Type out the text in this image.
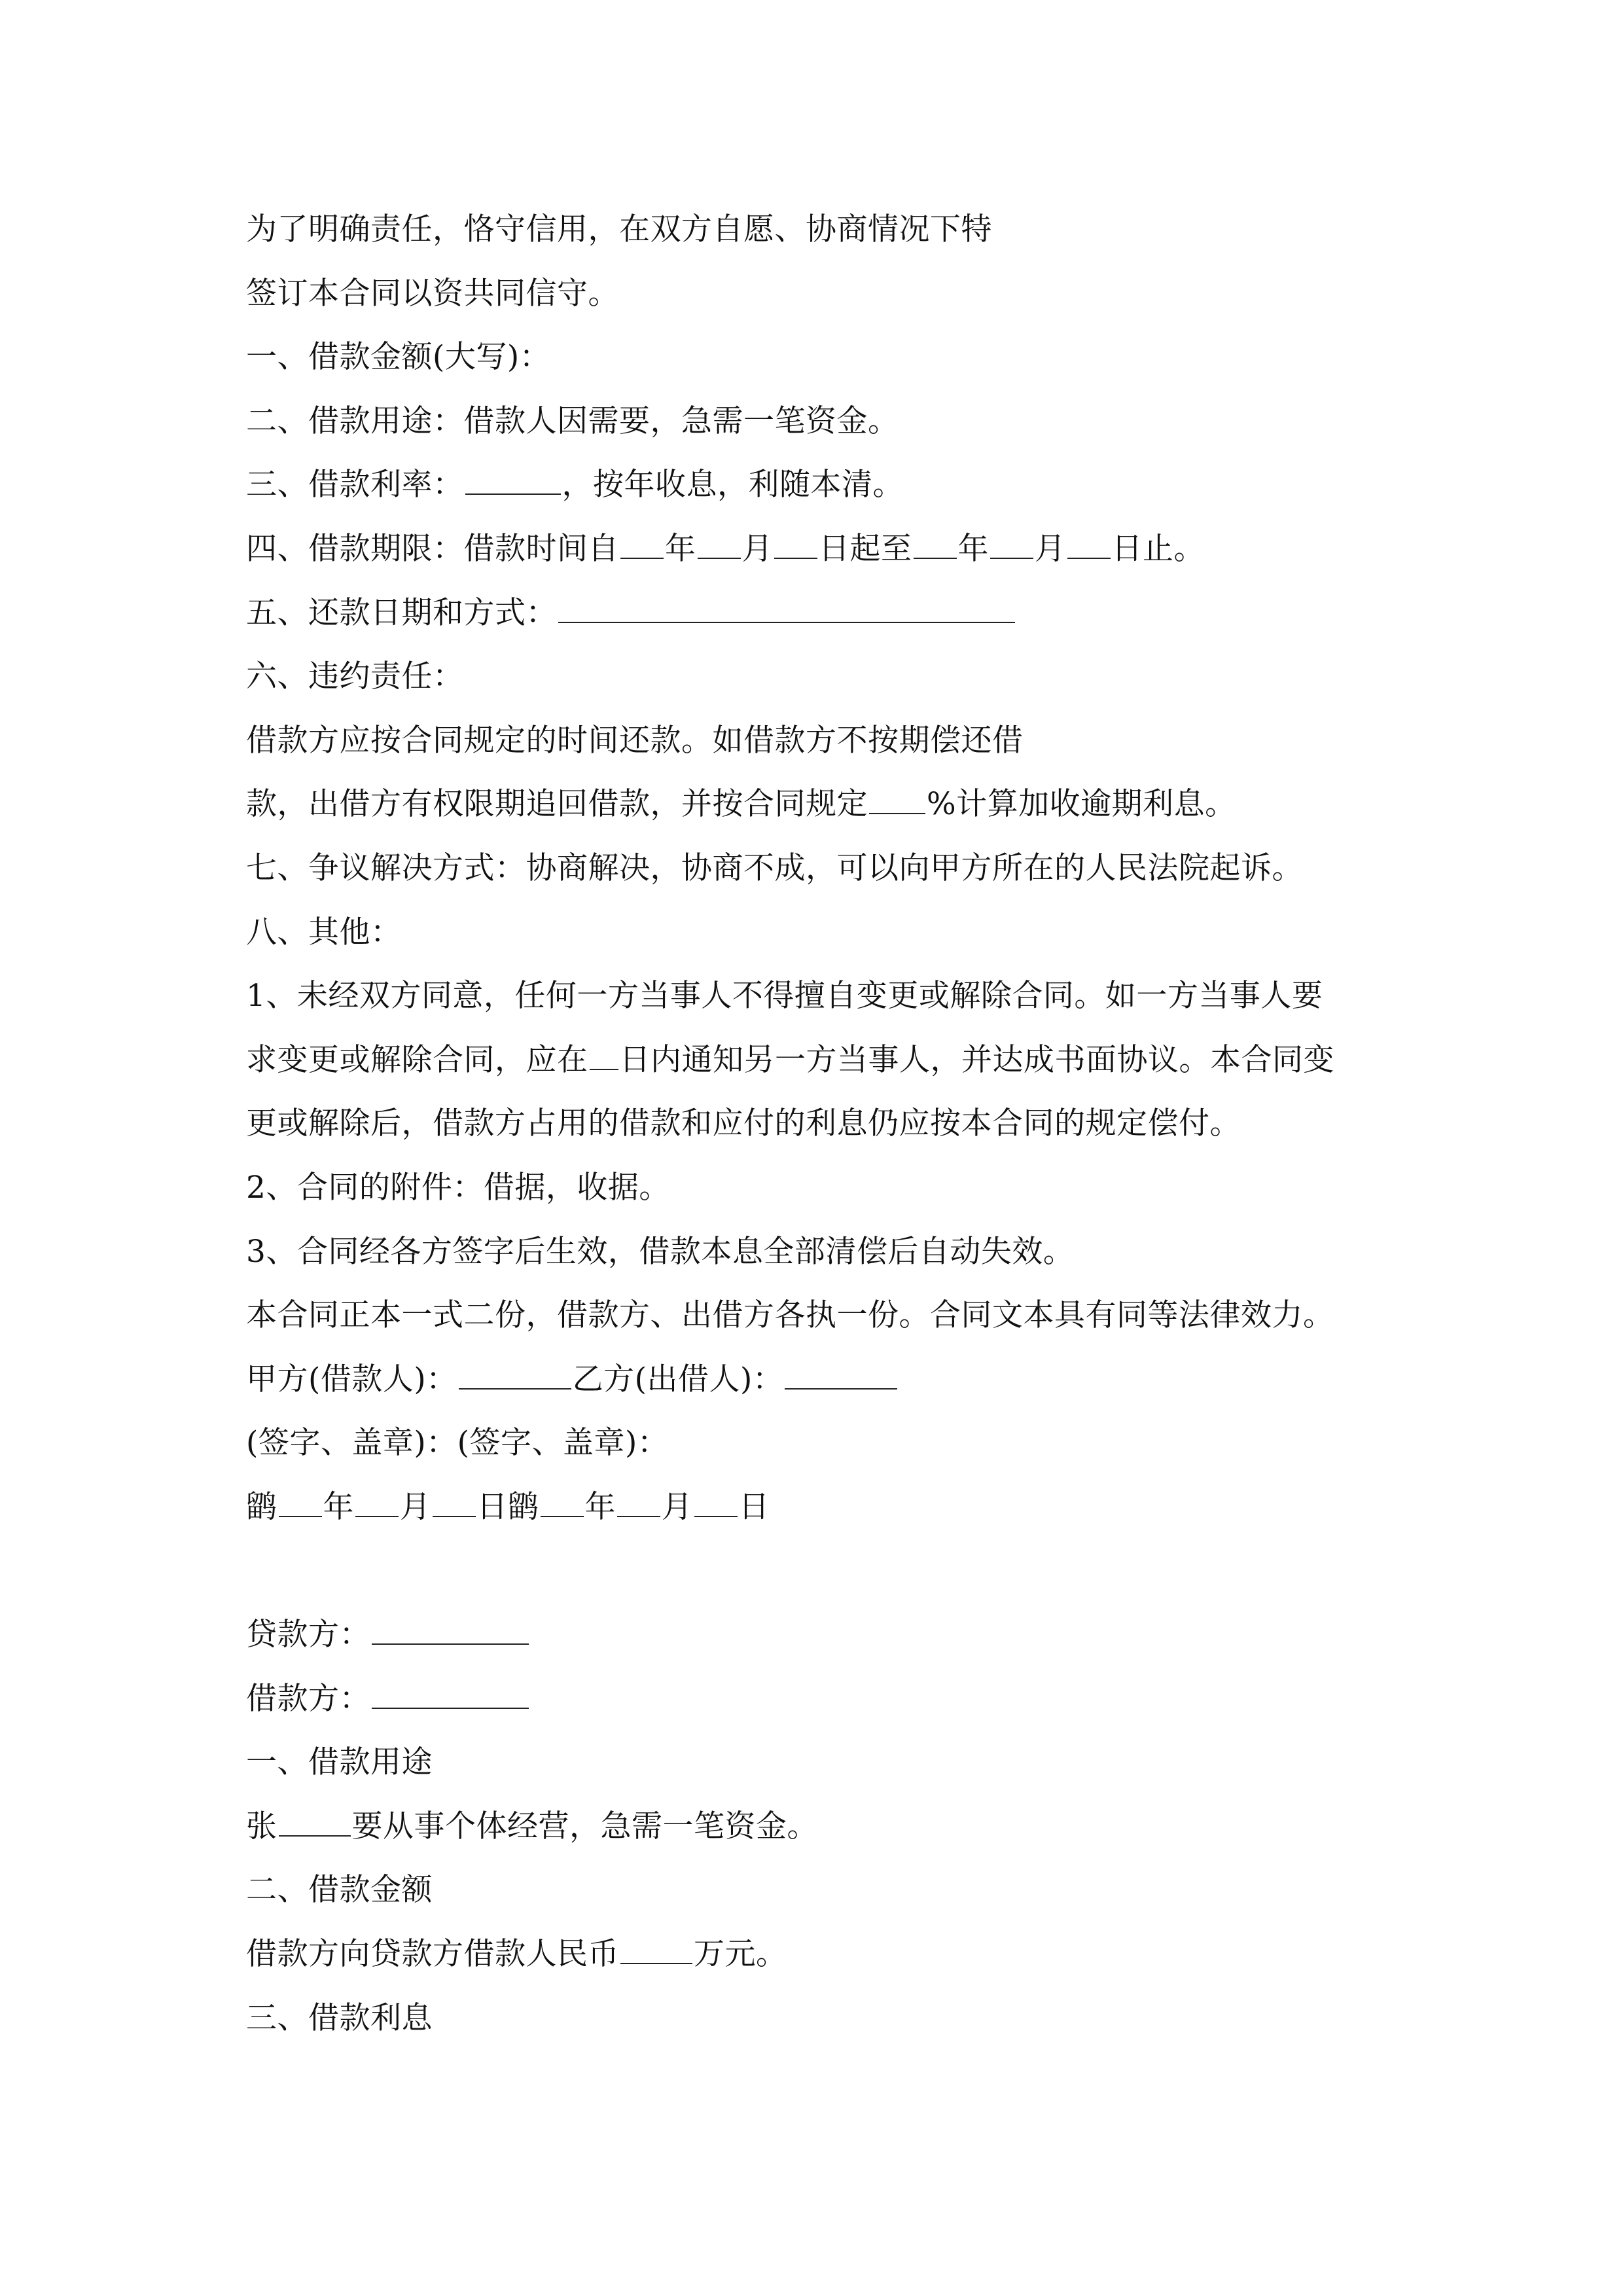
为了明确责任，恪守信用，在双方自愿、协商情况下特
签订本合同以资共同信守。
一、借款金额(大写)：
二、借款用途：借款人因需要，急需一笔资金。
三、借款利率：	，按年收息，利随本清。
四、借款期限：借款时间自 年 月 日起至 年 月 日止。
五、还款日期和方式：
六、违约责任：
借款方应按合同规定的时间还款。如借款方不按期偿还借
款，出借方有权限期追回借款，并按合同规定 %计算加收逾期利息。
七、争议解决方式：协商解决，协商不成，可以向甲方所在的人民法院起诉。
八、其他：
1、未经双方同意，任何一方当事人不得擅自变更或解除合同。如一方当事人要
求变更或解除合同，应在 日内通知另一方当事人，并达成书面协议。本合同变
更或解除后，借款方占用的借款和应付的利息仍应按本合同的规定偿付。
2、合同的附件：借据，收据。
3、合同经各方签字后生效，借款本息全部清偿后自动失效。
本合同正本一式二份，借款方、出借方各执一份。合同文本具有同等法律效力。
甲方(借款人)：	乙方(出借人)：
(签字、盖章)：(签字、盖章)：
鹠 年 月 日鹠 年 月 日
贷款方：
借款方：
一、借款用途
张 要从事个体经营，急需一笔资金。
二、借款金额
借款方向贷款方借款人民币 万元。
三、借款利息
